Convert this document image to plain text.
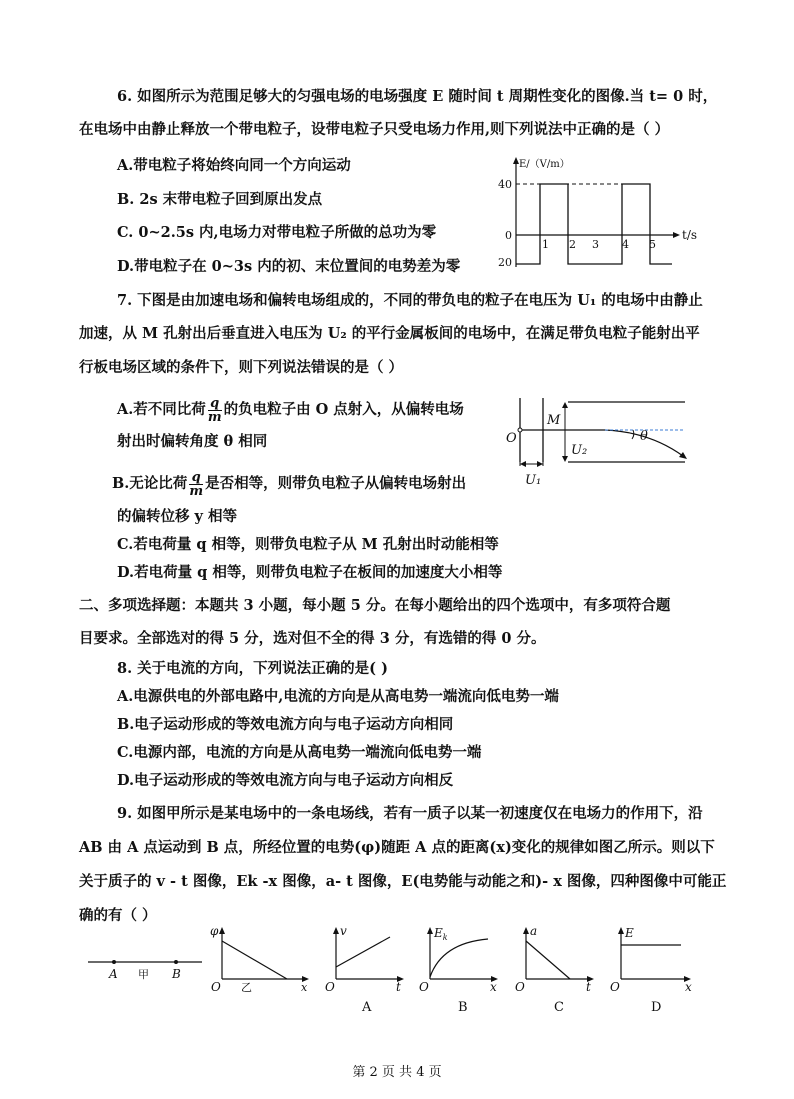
6. 如图所示为范围足够大的匀强电场的电场强度 E 随时间 t 周期性变化的图像.当 t= 0 时，
在电场中由静止释放一个带电粒子，设带电粒子只受电场力作用,则下列说法中正确的是（ ）
A.带电粒子将始终向同一个方向运动
B. 2s 末带电粒子回到原出发点
C. 0~2.5s 内,电场力对带电粒子所做的总功为零
D.带电粒子在 0~3s 内的初、末位置间的电势差为零
E/（V/m）
t/s
40
0
20
1 2 3 4 5
7. 下图是由加速电场和偏转电场组成的，不同的带负电的粒子在电压为 U₁ 的电场中由静止
加速，从 M 孔射出后垂直进入电压为 U₂ 的平行金属板间的电场中，在满足带负电粒子能射出平
行板电场区域的条件下，则下列说法错误的是（ ）
A.若不同比荷 $\frac{q}{m}$ 的负电粒子由 O 点射入，从偏转电场
射出时偏转角度 θ 相同
B.无论比荷 $\frac{q}{m}$ 是否相等，则带负电粒子从偏转电场射出
的偏转位移 y 相等
C.若电荷量 q 相等，则带负电粒子从 M 孔射出时动能相等
D.若电荷量 q 相等，则带负电粒子在板间的加速度大小相等
O
M
U₂
θ
U₁
二、多项选择题：本题共 3 小题，每小题 5 分。在每小题给出的四个选项中，有多项符合题
目要求。全部选对的得 5 分，选对但不全的得 3 分，有选错的得 0 分。
8. 关于电流的方向，下列说法正确的是( )
A.电源供电的外部电路中,电流的方向是从高电势一端流向低电势一端
B.电子运动形成的等效电流方向与电子运动方向相同
C.电源内部，电流的方向是从高电势一端流向低电势一端
D.电子运动形成的等效电流方向与电子运动方向相反
9. 如图甲所示是某电场中的一条电场线，若有一质子以某一初速度仅在电场力的作用下，沿
AB 由 A 点运动到 B 点，所经位置的电势(φ)随距 A 点的距离(x)变化的规律如图乙所示。则以下
关于质子的 v - t 图像，Ek -x 图像，a- t 图像，E(电势能与动能之和)- x 图像，四种图像中可能正
确的有（ ）
A 甲 B
φ
O 乙	x
v
O	t
A
$E_k$
O	x
B
a
O	t
C
E
O	x
D
第 2 页 共 4 页
